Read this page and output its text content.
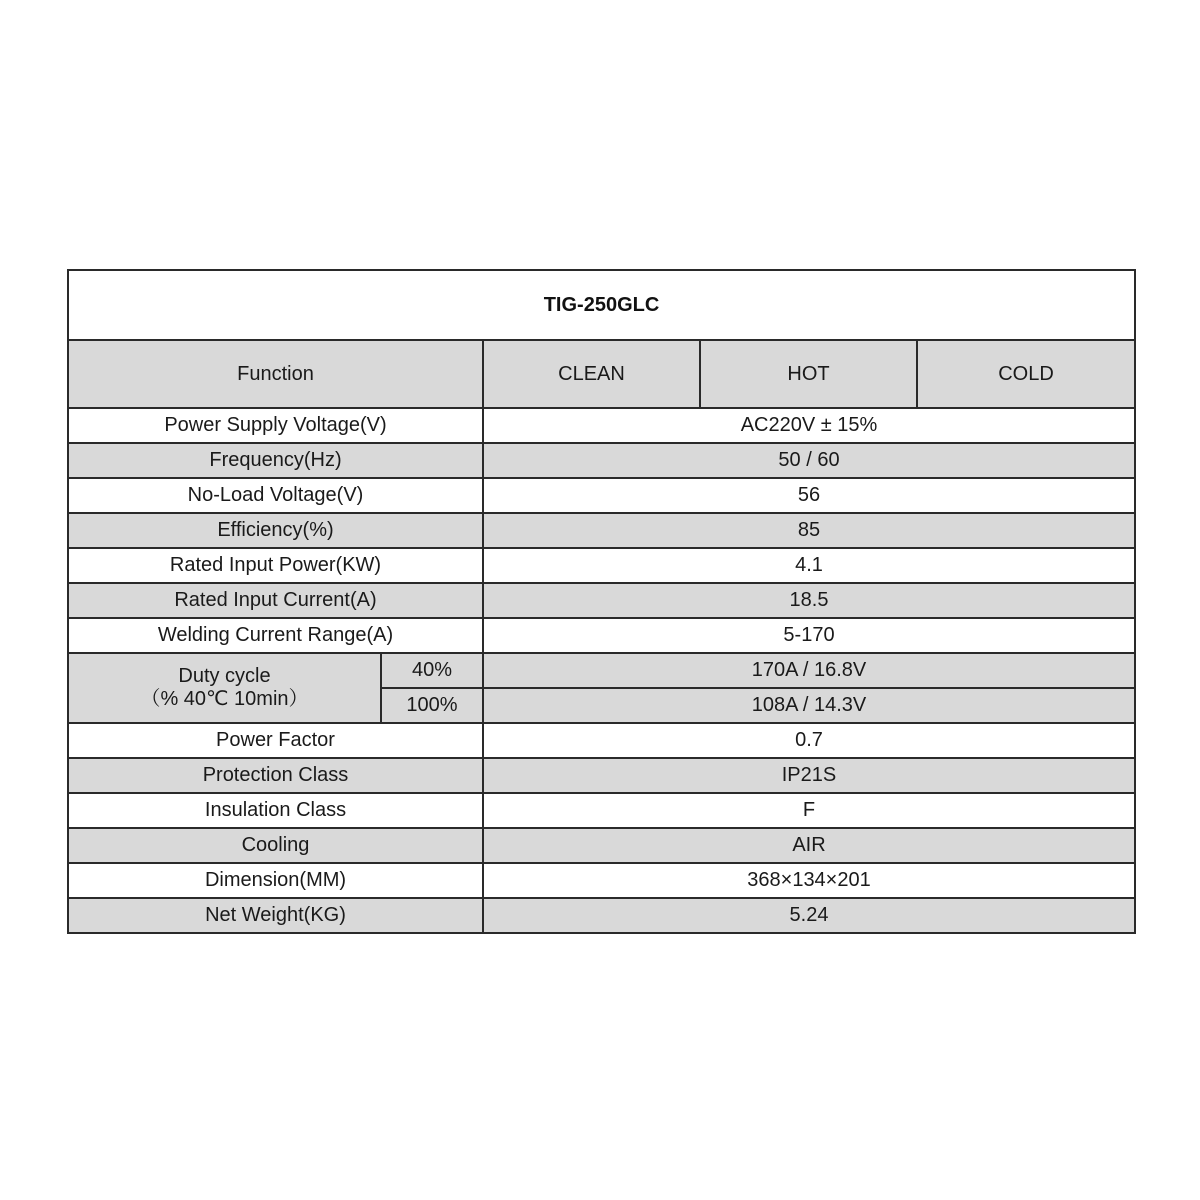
TIG-250GLC				
Function		CLEAN	HOT	COLD
Power Supply Voltage(V)		AC220V ± 15%		
Frequency(Hz)		50 / 60		
No-Load Voltage(V)		56		
Efficiency(%)		85		
Rated Input Power(KW)		4.1		
Rated Input Current(A)		18.5		
Welding Current Range(A)		5-170		

Duty cycle
（% 40℃ 10min）	40%	170A / 16.8V		
	100%	108A / 14.3V		
Power Factor		0.7		
Protection Class		IP21S		
Insulation Class		F		
Cooling		AIR		
Dimension(MM)		368×134×201		
Net Weight(KG)		5.24		
